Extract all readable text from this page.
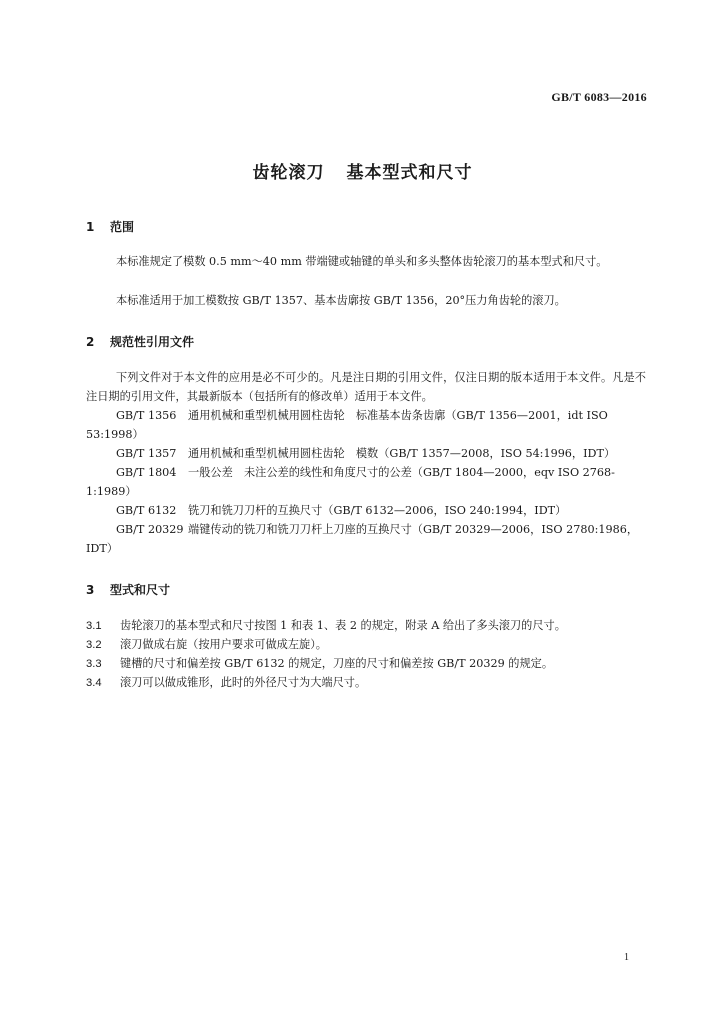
GB/T 6083—2016
齿轮滚刀 基本型式和尺寸
1 范围
本标准规定了模数 0.5 mm～40 mm 带端键或轴键的单头和多头整体齿轮滚刀的基本型式和尺寸。
本标准适用于加工模数按 GB/T 1357、基本齿廓按 GB/T 1356，20°压力角齿轮的滚刀。
2 规范性引用文件
下列文件对于本文件的应用是必不可少的。凡是注日期的引用文件，仅注日期的版本适用于本文件。凡是不注日期的引用文件，其最新版本（包括所有的修改单）适用于本文件。
GB/T 1356 通用机械和重型机械用圆柱齿轮　标准基本齿条齿廓（GB/T 1356—2001，idt ISO 53:1998）
GB/T 1357 通用机械和重型机械用圆柱齿轮　模数（GB/T 1357—2008，ISO 54:1996，IDT）
GB/T 1804 一般公差　未注公差的线性和角度尺寸的公差（GB/T 1804—2000，eqv ISO 2768-1:1989）
GB/T 6132 铣刀和铣刀刀杆的互换尺寸（GB/T 6132—2006，ISO 240:1994，IDT）
GB/T 20329 端键传动的铣刀和铣刀刀杆上刀座的互换尺寸（GB/T 20329—2006，ISO 2780:1986，IDT）
3 型式和尺寸
3.1 齿轮滚刀的基本型式和尺寸按图 1 和表 1、表 2 的规定，附录 A 给出了多头滚刀的尺寸。
3.2 滚刀做成右旋（按用户要求可做成左旋）。
3.3 键槽的尺寸和偏差按 GB/T 6132 的规定，刀座的尺寸和偏差按 GB/T 20329 的规定。
3.4 滚刀可以做成锥形，此时的外径尺寸为大端尺寸。
1
